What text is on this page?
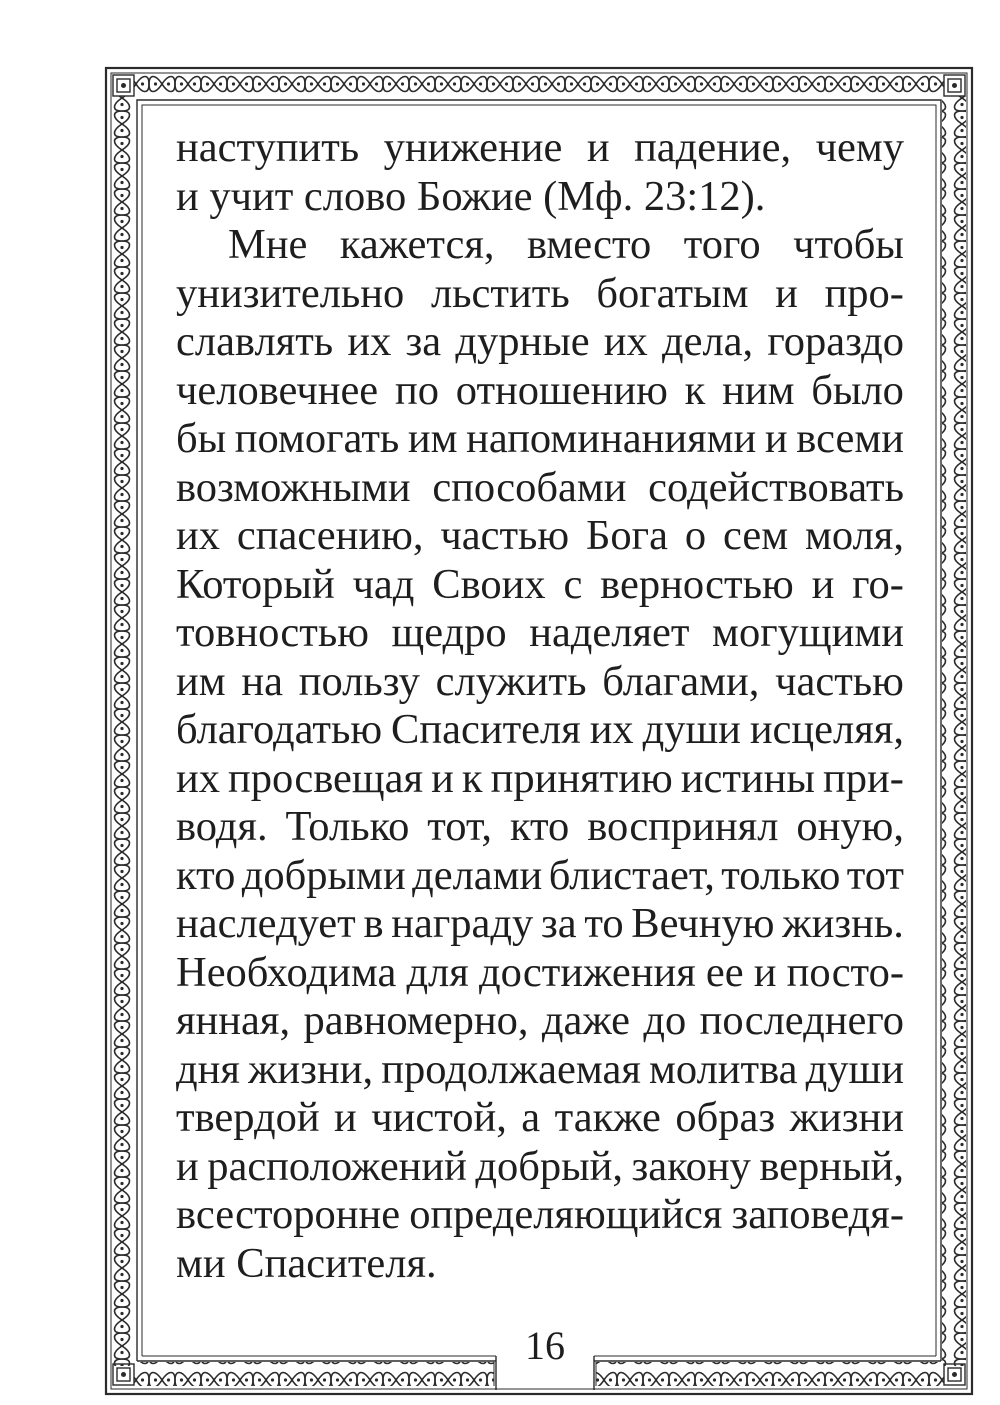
наступить унижение и падение, чему
и учит слово Божие (Мф. 23:12).
Мне кажется, вместо того чтобы
унизительно льстить богатым и про-
славлять их за дурные их дела, гораздо
человечнее по отношению к ним было
бы помогать им напоминаниями и всеми
возможными способами содействовать
их спасению, частью Бога о сем моля,
Который чад Своих с верностью и го-
товностью щедро наделяет могущими
им на пользу служить благами, частью
благодатью Спасителя их души исцеляя,
их просвещая и к принятию истины при-
водя. Только тот, кто воспринял оную,
кто добрыми делами блистает, только тот
наследует в награду за то Вечную жизнь.
Необходима для достижения ее и посто-
янная, равномерно, даже до последнего
дня жизни, продолжаемая молитва души
твердой и чистой, а также образ жизни
и расположений добрый, закону верный,
всесторонне определяющийся заповедя-
ми Спасителя.
16
